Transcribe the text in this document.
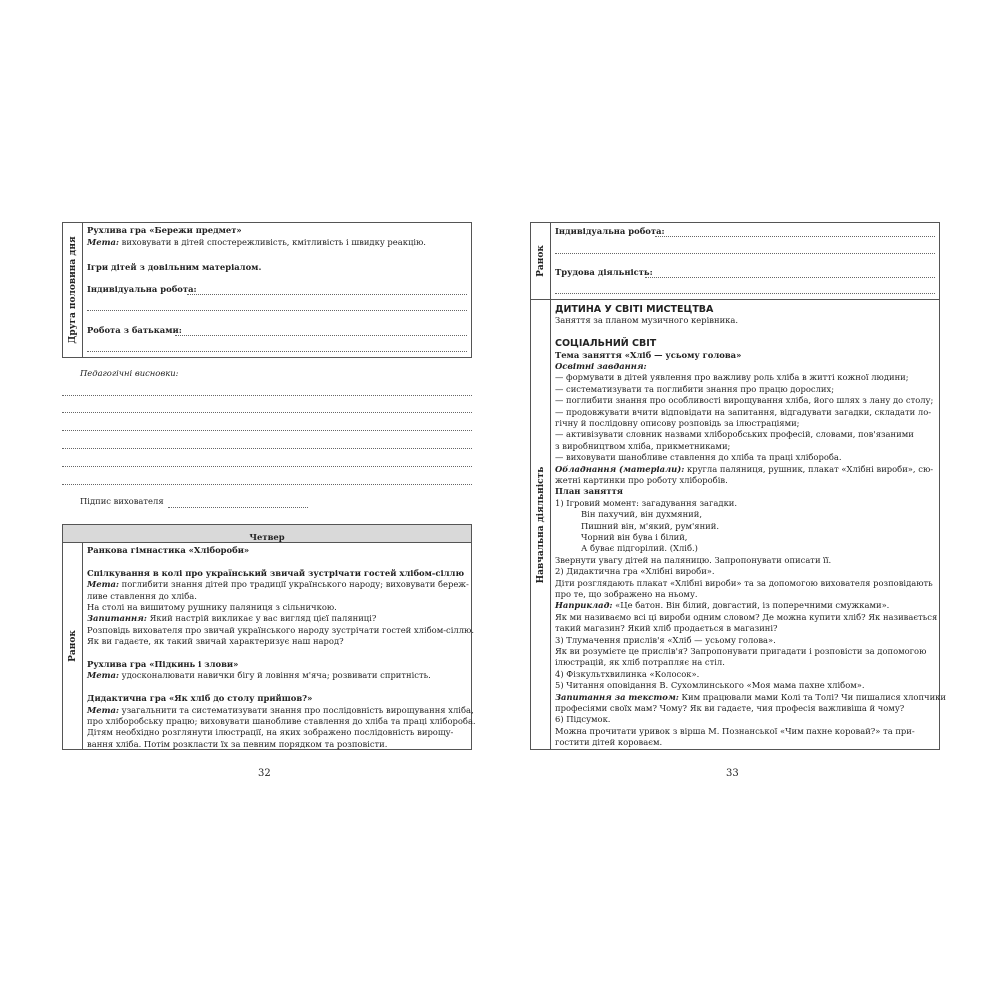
Друга половина дня
Рухлива гра «Бережи предмет»
Мета: виховувати в дітей спостережливість, кмітливість і швидку реакцію.
Ігри дітей з довільним матеріалом.
Індивідуальна робота:
Робота з батьками:
Педагогічні висновки:
Підпис вихователя
Четвер
Ранок
Ранкова гімнастика «Хлібороби»
Спілкування в колі про український звичай зустрічати гостей хлібом-сіллю
Мета: поглибити знання дітей про традиції українського народу; виховувати береж-
ливе ставлення до хліба.
На столі на вишитому рушнику паляниця з сільничкою.
Запитання: Який настрій викликає у вас вигляд цієї паляниці?
Розповідь вихователя про звичай українського народу зустрічати гостей хлібом-сіллю.
Як ви гадаєте, як такий звичай характеризує наш народ?
Рухлива гра «Підкинь і злови»
Мета: удосконалювати навички бігу й ловіння м'яча; розвивати спритність.
Дидактична гра «Як хліб до столу прийшов?»
Мета: узагальнити та систематизувати знання про послідовність вирощування хліба,
про хліборобську працю; виховувати шанобливе ставлення до хліба та праці хлібороба.
Дітям необхідно розглянути ілюстрації, на яких зображено послідовність вирощу-
вання хліба. Потім розкласти їх за певним порядком та розповісти.
32
Ранок
Індивідуальна робота:
Трудова діяльність:
Навчальна діяльність
ДИТИНА У СВІТІ МИСТЕЦТВА
Заняття за планом музичного керівника.
СОЦІАЛЬНИЙ СВІТ
Тема заняття «Хліб — усьому голова»
Освітні завдання:
— формувати в дітей уявлення про важливу роль хліба в житті кожної людини;
— систематизувати та поглибити знання про працю дорослих;
— поглибити знання про особливості вирощування хліба, його шлях з лану до столу;
— продовжувати вчити відповідати на запитання, відгадувати загадки, складати ло-
гічну й послідовну описову розповідь за ілюстраціями;
— активізувати словник назвами хліборобських професій, словами, пов'язаними
з виробництвом хліба, прикметниками;
— виховувати шанобливе ставлення до хліба та праці хлібороба.
Обладнання (матеріали): кругла паляниця, рушник, плакат «Хлібні вироби», сю-
жетні картинки про роботу хліборобів.
План заняття
1) Ігровий момент: загадування загадки.
Він пахучий, він духмяний,
Пишний він, м'який, рум'яний.
Чорний він бува і білий,
А буває підгорілий. (Хліб.)
Звернути увагу дітей на паляницю. Запропонувати описати її.
2) Дидактична гра «Хлібні вироби».
Діти розглядають плакат «Хлібні вироби» та за допомогою вихователя розповідають
про те, що зображено на ньому.
Наприклад: «Це батон. Він білий, довгастий, із поперечними смужками».
Як ми називаємо всі ці вироби одним словом? Де можна купити хліб? Як називається
такий магазин? Який хліб продається в магазині?
3) Тлумачення прислів'я «Хліб — усьому голова».
Як ви розумієте це прислів'я? Запропонувати пригадати і розповісти за допомогою
ілюстрацій, як хліб потрапляє на стіл.
4) Фізкультхвилинка «Колосок».
5) Читання оповідання В. Сухомлинського «Моя мама пахне хлібом».
Запитання за текстом: Ким працювали мами Колі та Толі? Чи пишалися хлопчики
професіями своїх мам? Чому? Як ви гадаєте, чия професія важливіша й чому?
6) Підсумок.
Можна прочитати уривок з вірша М. Познанської «Чим пахне коровай?» та при-
гостити дітей короваєм.
33
